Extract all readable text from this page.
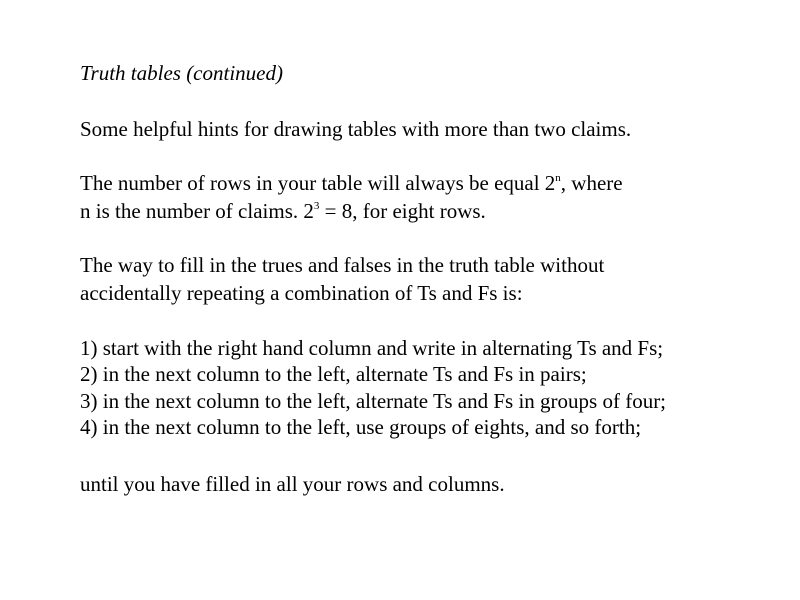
Truth tables (continued)
Some helpful hints for drawing tables with more than two claims.
The number of rows in your table will always be equal 2$^n$, where
n is the number of claims. $2^3 = 8$, for eight rows.
The way to fill in the trues and falses in the truth table without
accidentally repeating a combination of Ts and Fs is:
1) start with the right hand column and write in alternating Ts and Fs;
2) in the next column to the left, alternate Ts and Fs in pairs;
3) in the next column to the left, alternate Ts and Fs in groups of four;
4) in the next column to the left, use groups of eights, and so forth;
until you have filled in all your rows and columns.
